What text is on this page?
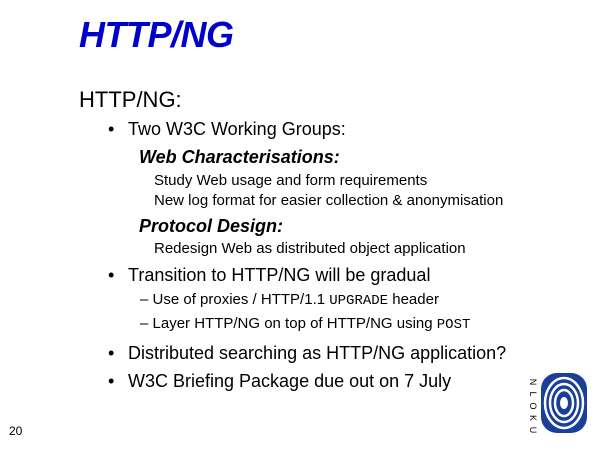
HTTP/NG
HTTP/NG:
• Two W3C Working Groups:
Web Characterisations:
Study Web usage and form requirements
New log format for easier collection & anonymisation
Protocol Design:
Redesign Web as distributed object application
• Transition to HTTP/NG will be gradual
– Use of proxies / HTTP/1.1 UPGRADE header
– Layer HTTP/NG on top of HTTP/NG using POST
• Distributed searching as HTTP/NG application?
• W3C Briefing Package due out on 7 July
20
N
L
O
K
U
